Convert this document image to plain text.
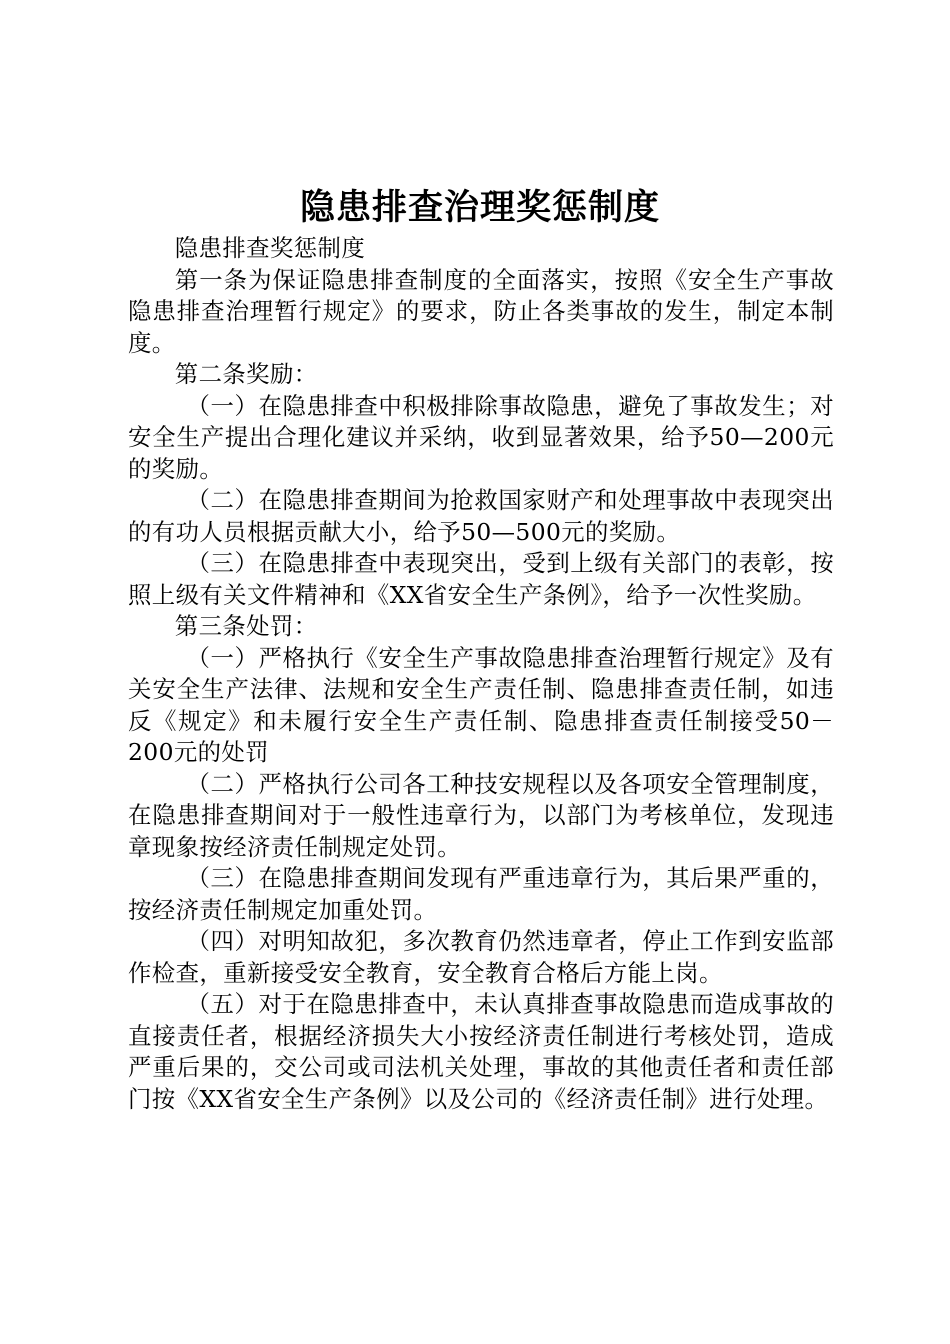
隐患排查治理奖惩制度

隐患排查奖惩制度

第一条为保证隐患排查制度的全面落实，按照《安全生产事故隐患排查治理暂行规定》的要求，防止各类事故的发生，制定本制度。

第二条奖励：

（一）在隐患排查中积极排除事故隐患，避免了事故发生；对安全生产提出合理化建议并采纳，收到显著效果，给予50—200元的奖励。

（二）在隐患排查期间为抢救国家财产和处理事故中表现突出的有功人员根据贡献大小，给予50—500元的奖励。

（三）在隐患排查中表现突出，受到上级有关部门的表彰，按照上级有关文件精神和《XX省安全生产条例》，给予一次性奖励。

第三条处罚：

（一）严格执行《安全生产事故隐患排查治理暂行规定》及有关安全生产法律、法规和安全生产责任制、隐患排查责任制，如违反《规定》和未履行安全生产责任制、隐患排查责任制接受50－200元的处罚

（二）严格执行公司各工种技安规程以及各项安全管理制度，在隐患排查期间对于一般性违章行为，以部门为考核单位，发现违章现象按经济责任制规定处罚。

（三）在隐患排查期间发现有严重违章行为，其后果严重的，按经济责任制规定加重处罚。

（四）对明知故犯，多次教育仍然违章者，停止工作到安监部作检查，重新接受安全教育，安全教育合格后方能上岗。

（五）对于在隐患排查中，未认真排查事故隐患而造成事故的直接责任者，根据经济损失大小按经济责任制进行考核处罚，造成严重后果的，交公司或司法机关处理，事故的其他责任者和责任部门按《XX省安全生产条例》以及公司的《经济责任制》进行处理。
